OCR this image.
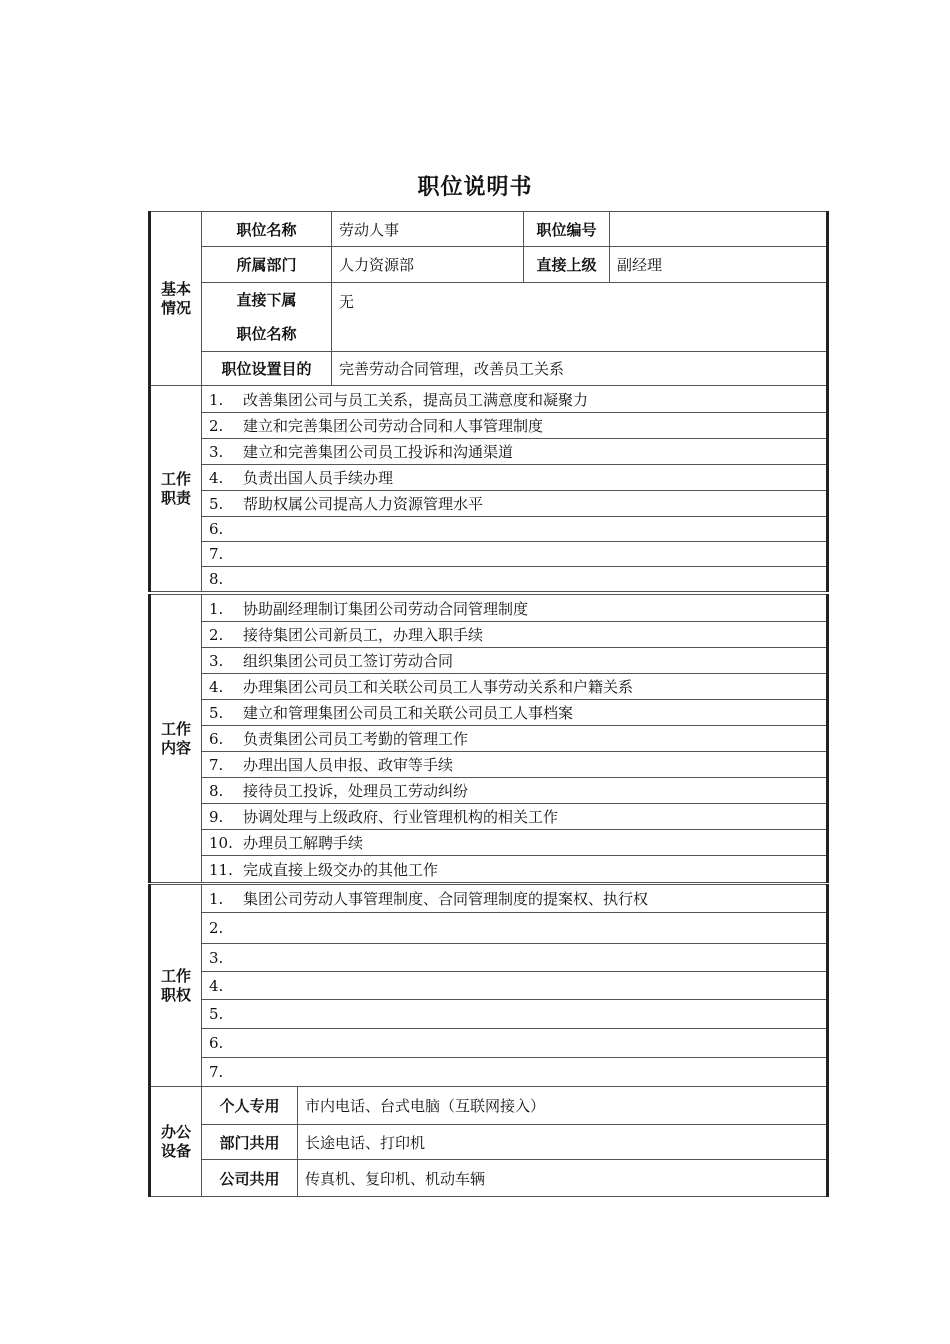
职位说明书
基本
情况	职位名称	劳动人事	职位编号	
	所属部门	人力资源部	直接上级	副经理

	直接下属
职位名称	无		
	职位设置目的	完善劳动合同管理，改善员工关系		
工作
职责	1. 改善集团公司与员工关系，提高员工满意度和凝聚力
2. 建立和完善集团公司劳动合同和人事管理制度
3. 建立和完善集团公司员工投诉和沟通渠道
4. 负责出国人员手续办理
5. 帮助权属公司提高人力资源管理水平
6.
7.
8.
工作
内容	1. 协助副经理制订集团公司劳动合同管理制度
2. 接待集团公司新员工，办理入职手续
3. 组织集团公司员工签订劳动合同
4. 办理集团公司员工和关联公司员工人事劳动关系和户籍关系
5. 建立和管理集团公司员工和关联公司员工人事档案
6. 负责集团公司员工考勤的管理工作
7. 办理出国人员申报、政审等手续
8. 接待员工投诉，处理员工劳动纠纷
9. 协调处理与上级政府、行业管理机构的相关工作
10. 办理员工解聘手续
11. 完成直接上级交办的其他工作
工作
职权	1. 集团公司劳动人事管理制度、合同管理制度的提案权、执行权
2.
3.
4.
5.
6.
7.
办公
设备	个人专用	市内电话、台式电脑（互联网接入）
	部门共用	长途电话、打印机
	公司共用	传真机、复印机、机动车辆
